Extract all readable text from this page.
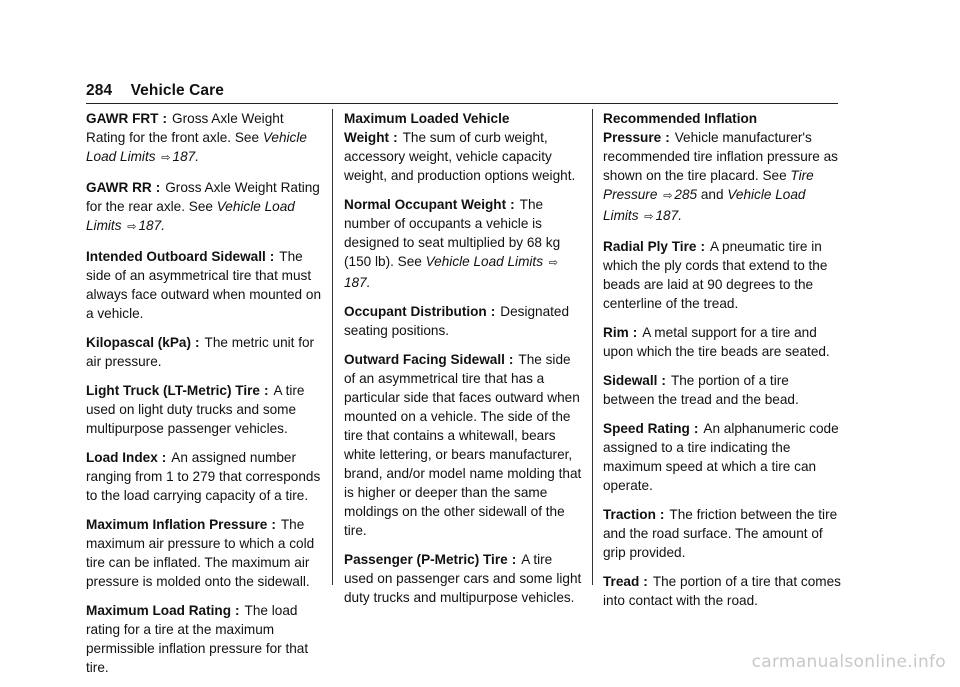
284 Vehicle Care
GAWR FRT : Gross Axle Weight Rating for the front axle. See Vehicle Load Limits ⇨ 187.
GAWR RR : Gross Axle Weight Rating for the rear axle. See Vehicle Load Limits ⇨ 187.
Intended Outboard Sidewall : The side of an asymmetrical tire that must always face outward when mounted on a vehicle.
Kilopascal (kPa) : The metric unit for air pressure.
Light Truck (LT-Metric) Tire : A tire used on light duty trucks and some multipurpose passenger vehicles.
Load Index : An assigned number ranging from 1 to 279 that corresponds to the load carrying capacity of a tire.
Maximum Inflation Pressure : The maximum air pressure to which a cold tire can be inflated. The maximum air pressure is molded onto the sidewall.
Maximum Load Rating : The load rating for a tire at the maximum permissible inflation pressure for that tire.
Maximum Loaded Vehicle Weight : The sum of curb weight, accessory weight, vehicle capacity weight, and production options weight.
Normal Occupant Weight : The number of occupants a vehicle is designed to seat multiplied by 68 kg (150 lb). See Vehicle Load Limits ⇨187.
Occupant Distribution : Designated seating positions.
Outward Facing Sidewall : The side of an asymmetrical tire that has a particular side that faces outward when mounted on a vehicle. The side of the tire that contains a whitewall, bears white lettering, or bears manufacturer, brand, and/or model name molding that is higher or deeper than the same moldings on the other sidewall of the tire.
Passenger (P-Metric) Tire : A tire used on passenger cars and some light duty trucks and multipurpose vehicles.
Recommended Inflation Pressure : Vehicle manufacturer's recommended tire inflation pressure as shown on the tire placard. See Tire Pressure ⇨ 285 and Vehicle Load Limits ⇨ 187.
Radial Ply Tire : A pneumatic tire in which the ply cords that extend to the beads are laid at 90 degrees to the centerline of the tread.
Rim : A metal support for a tire and upon which the tire beads are seated.
Sidewall : The portion of a tire between the tread and the bead.
Speed Rating : An alphanumeric code assigned to a tire indicating the maximum speed at which a tire can operate.
Traction : The friction between the tire and the road surface. The amount of grip provided.
Tread : The portion of a tire that comes into contact with the road.
carmanualsonline.info
